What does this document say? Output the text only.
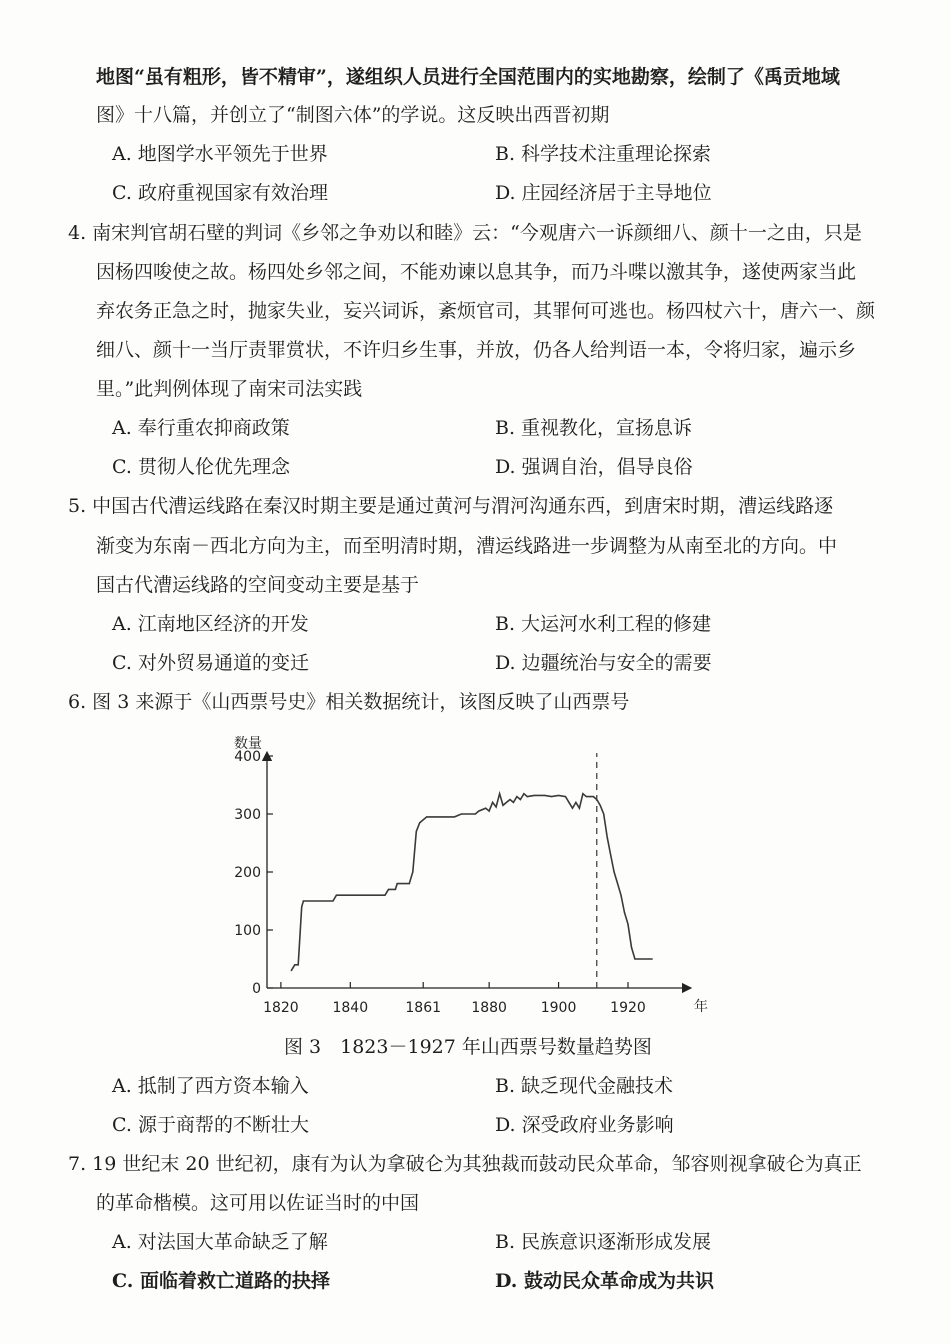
地图“虽有粗形，皆不精审”，遂组织人员进行全国范围内的实地勘察，绘制了《禹贡地域
图》十八篇，并创立了“制图六体”的学说。这反映出西晋初期
A. 地图学水平领先于世界	B. 科学技术注重理论探索
C. 政府重视国家有效治理	D. 庄园经济居于主导地位
4. 南宋判官胡石壁的判词《乡邻之争劝以和睦》云：“今观唐六一诉颜细八、颜十一之由，只是
因杨四唆使之故。杨四处乡邻之间，不能劝谏以息其争，而乃斗喋以激其争，遂使两家当此
弃农务正急之时，抛家失业，妄兴词诉，紊烦官司，其罪何可逃也。杨四杖六十，唐六一、颜
细八、颜十一当厅责罪赏状，不许归乡生事，并放，仍各人给判语一本，令将归家，遍示乡
里。”此判例体现了南宋司法实践
A. 奉行重农抑商政策	B. 重视教化，宣扬息诉
C. 贯彻人伦优先理念	D. 强调自治，倡导良俗
5. 中国古代漕运线路在秦汉时期主要是通过黄河与渭河沟通东西，到唐宋时期，漕运线路逐
渐变为东南－西北方向为主，而至明清时期，漕运线路进一步调整为从南至北的方向。中
国古代漕运线路的空间变动主要是基于
A. 江南地区经济的开发	B. 大运河水利工程的修建
C. 对外贸易通道的变迁	D. 边疆统治与安全的需要
6. 图 3 来源于《山西票号史》相关数据统计，该图反映了山西票号
数量
年
0
100
200
300
400
1820 1840	1861 1880 1900 1920
图 3　1823－1927 年山西票号数量趋势图
A. 抵制了西方资本输入	B. 缺乏现代金融技术
C. 源于商帮的不断壮大	D. 深受政府业务影响
7. 19 世纪末 20 世纪初，康有为认为拿破仑为其独裁而鼓动民众革命，邹容则视拿破仑为真正
的革命楷模。这可用以佐证当时的中国
A. 对法国大革命缺乏了解	B. 民族意识逐渐形成发展
C. 面临着救亡道路的抉择	D. 鼓动民众革命成为共识
